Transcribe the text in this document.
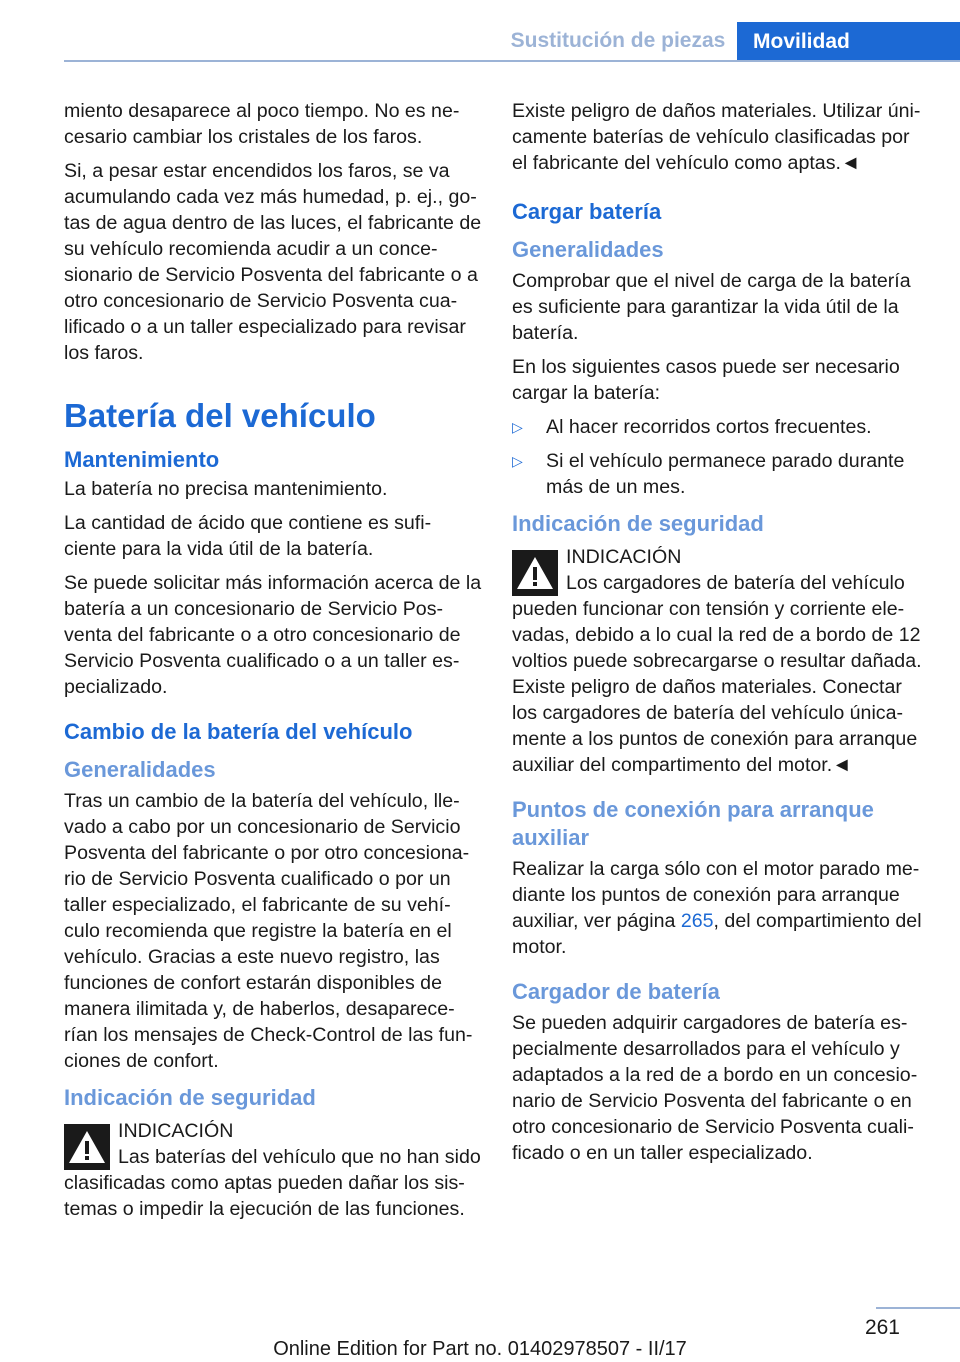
Sustitución de piezas	Movilidad

miento desaparece al poco tiempo. No es ne-cesario cambiar los cristales de los faros.

Si, a pesar estar encendidos los faros, se va acumulando cada vez más humedad, p. ej., go-tas de agua dentro de las luces, el fabricante de su vehículo recomienda acudir a un conce-sionario de Servicio Posventa del fabricante o a otro concesionario de Servicio Posventa cua-lificado o a un taller especializado para revisar los faros.

Batería del vehículo
Mantenimiento

La batería no precisa mantenimiento.

La cantidad de ácido que contiene es sufi-ciente para la vida útil de la batería.

Se puede solicitar más información acerca de la batería a un concesionario de Servicio Pos-venta del fabricante o a otro concesionario de Servicio Posventa cualificado o a un taller es-pecializado.

Cambio de la batería del vehículo
Generalidades

Tras un cambio de la batería del vehículo, lle-vado a cabo por un concesionario de Servicio Posventa del fabricante o por otro concesiona-rio de Servicio Posventa cualificado o por un taller especializado, el fabricante de su vehí-culo recomienda que registre la batería en el vehículo. Gracias a este nuevo registro, las funciones de confort estarán disponibles de manera ilimitada y, de haberlos, desaparece-rían los mensajes de Check-Control de las fun-ciones de confort.

Indicación de seguridad
INDICACIÓN
Las baterías del vehículo que no han sido clasificadas como aptas pueden dañar los sis-temas o impedir la ejecución de las funciones.

Existe peligro de daños materiales. Utilizar úni-camente baterías de vehículo clasificadas por el fabricante del vehículo como aptas.◄

Cargar batería
Generalidades

Comprobar que el nivel de carga de la batería es suficiente para garantizar la vida útil de la batería.

En los siguientes casos puede ser necesario cargar la batería:

▷ Al hacer recorridos cortos frecuentes.
▷ Si el vehículo permanece parado durante más de un mes.
Indicación de seguridad
INDICACIÓN
Los cargadores de batería del vehículo pueden funcionar con tensión y corriente ele-vadas, debido a lo cual la red de a bordo de 12 voltios puede sobrecargarse o resultar dañada. Existe peligro de daños materiales. Conectar los cargadores de batería del vehículo única-mente a los puntos de conexión para arranque auxiliar del compartimento del motor.◄
Puntos de conexión para arranque auxiliar

Realizar la carga sólo con el motor parado me-diante los puntos de conexión para arranque auxiliar, ver página 265, del compartimiento del motor.

Cargador de batería

Se pueden adquirir cargadores de batería es-pecialmente desarrollados para el vehículo y adaptados a la red de a bordo en un concesio-nario de Servicio Posventa del fabricante o en otro concesionario de Servicio Posventa cuali-ficado o en un taller especializado.

261
Online Edition for Part no. 01402978507 - II/17
